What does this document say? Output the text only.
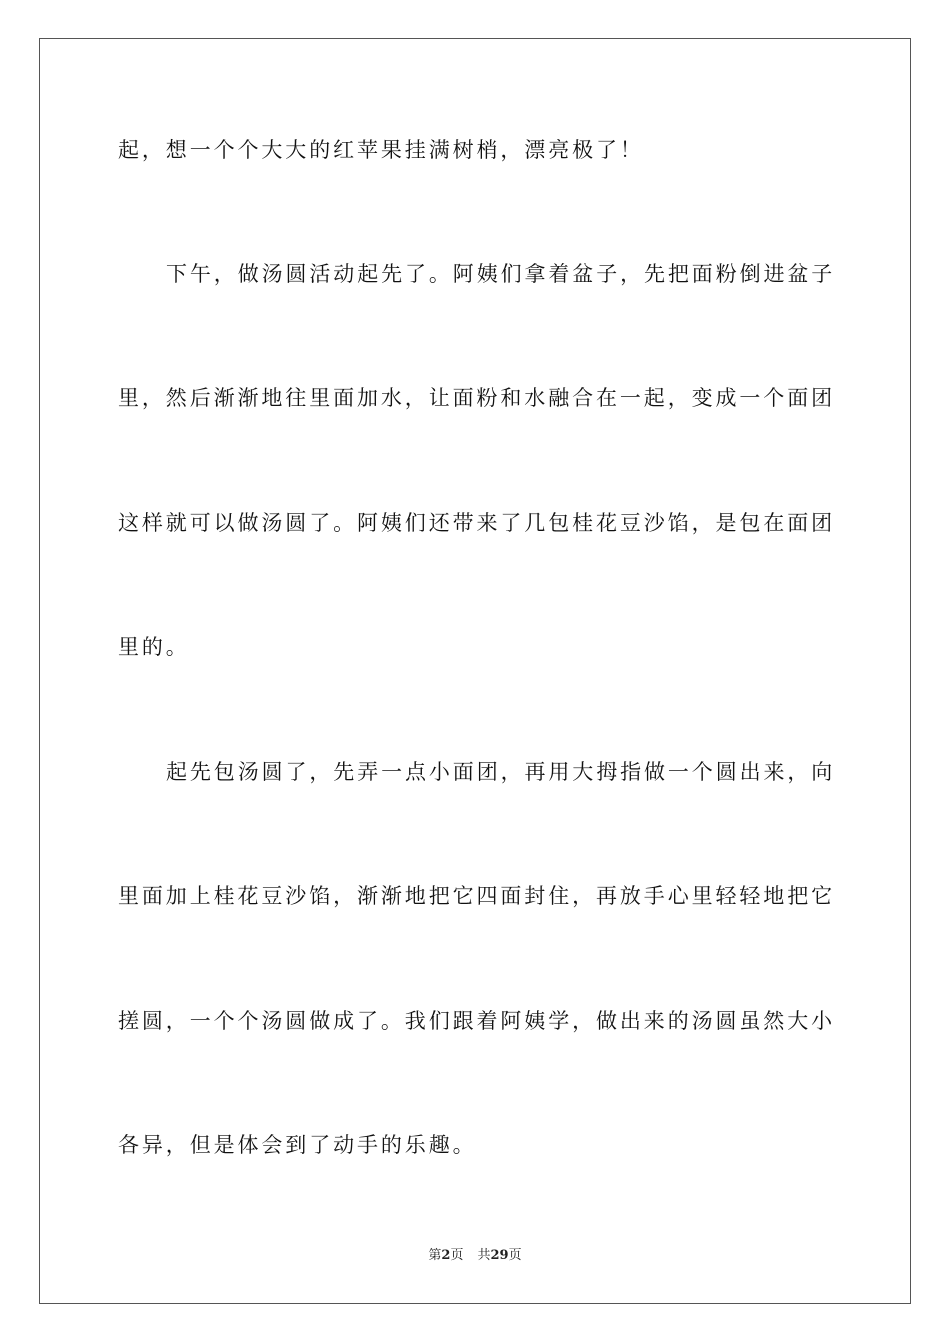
起，想一个个大大的红苹果挂满树梢，漂亮极了！
下午，做汤圆活动起先了。阿姨们拿着盆子，先把面粉倒进盆子
里，然后渐渐地往里面加水，让面粉和水融合在一起，变成一个面团
这样就可以做汤圆了。阿姨们还带来了几包桂花豆沙馅，是包在面团
里的。
起先包汤圆了，先弄一点小面团，再用大拇指做一个圆出来，向
里面加上桂花豆沙馅，渐渐地把它四面封住，再放手心里轻轻地把它
搓圆，一个个汤圆做成了。我们跟着阿姨学，做出来的汤圆虽然大小
各异，但是体会到了动手的乐趣。
第2页 共29页
